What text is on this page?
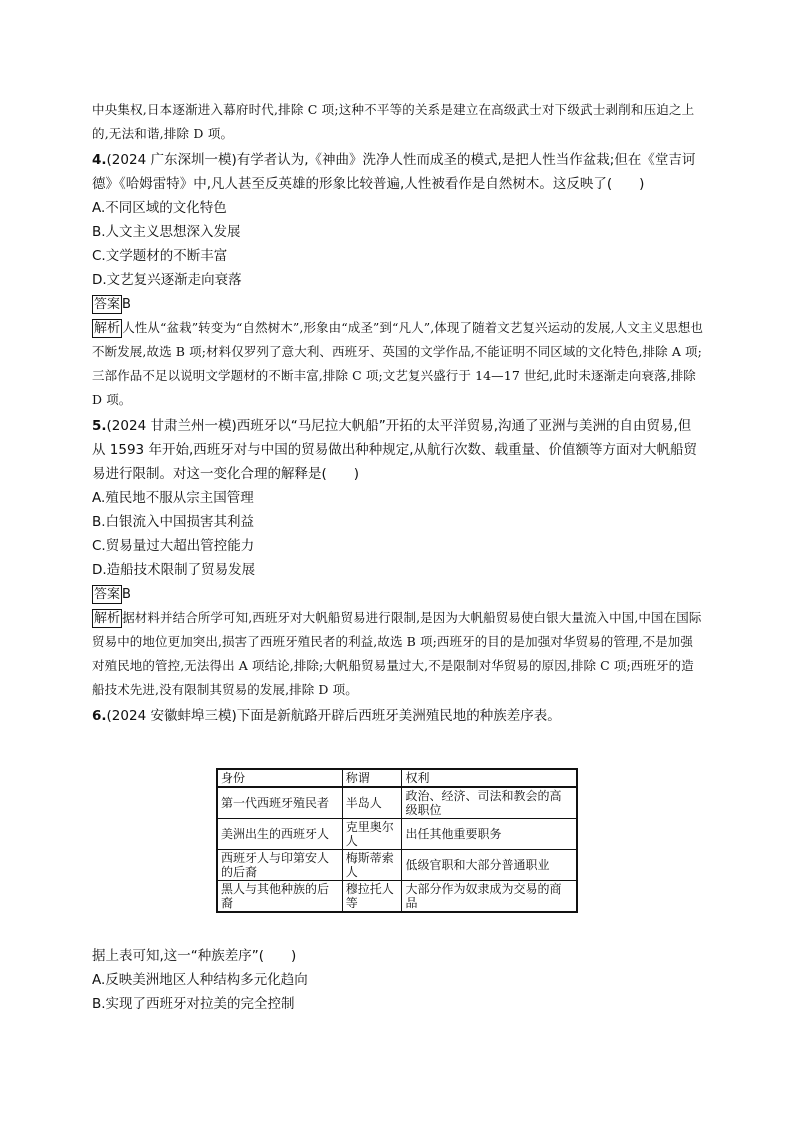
中央集权,日本逐渐进入幕府时代,排除 C 项;这种不平等的关系是建立在高级武士对下级武士剥削和压迫之上的,无法和谐,排除 D 项。

4.(2024 广东深圳一模)有学者认为,《神曲》洗净人性而成圣的模式,是把人性当作盆栽;但在《堂吉诃德》《哈姆雷特》中,凡人甚至反英雄的形象比较普遍,人性被看作是自然树木。这反映了(　　)

A.不同区域的文化特色

B.人文主义思想深入发展

C.文学题材的不断丰富

D.文艺复兴逐渐走向衰落

答案 B

解析 人性从“盆栽”转变为“自然树木”,形象由“成圣”到“凡人”,体现了随着文艺复兴运动的发展,人文主义思想也不断发展,故选 B 项;材料仅罗列了意大利、西班牙、英国的文学作品,不能证明不同区域的文化特色,排除 A 项;三部作品不足以说明文学题材的不断丰富,排除 C 项;文艺复兴盛行于 14—17 世纪,此时未逐渐走向衰落,排除 D 项。

5.(2024 甘肃兰州一模)西班牙以“马尼拉大帆船”开拓的太平洋贸易,沟通了亚洲与美洲的自由贸易,但从 1593 年开始,西班牙对与中国的贸易做出种种规定,从航行次数、载重量、价值额等方面对大帆船贸易进行限制。对这一变化合理的解释是(　　)

A.殖民地不服从宗主国管理

B.白银流入中国损害其利益

C.贸易量过大超出管控能力

D.造船技术限制了贸易发展

答案 B

解析 据材料并结合所学可知,西班牙对大帆船贸易进行限制,是因为大帆船贸易使白银大量流入中国,中国在国际贸易中的地位更加突出,损害了西班牙殖民者的利益,故选 B 项;西班牙的目的是加强对华贸易的管理,不是加强对殖民地的管控,无法得出 A 项结论,排除;大帆船贸易量过大,不是限制对华贸易的原因,排除 C 项;西班牙的造船技术先进,没有限制其贸易的发展,排除 D 项。

6.(2024 安徽蚌埠三模)下面是新航路开辟后西班牙美洲殖民地的种族差序表。

身份	称谓	权利
第一代西班牙殖民者	半岛人	政治、经济、司法和教会的高级职位
美洲出生的西班牙人	克里奥尔人	出任其他重要职务
西班牙人与印第安人的后裔	梅斯蒂索人	低级官职和大部分普通职业
黑人与其他种族的后裔	穆拉托人等	大部分作为奴隶成为交易的商品

据上表可知,这一“种族差序”(　　)

A.反映美洲地区人种结构多元化趋向

B.实现了西班牙对拉美的完全控制
